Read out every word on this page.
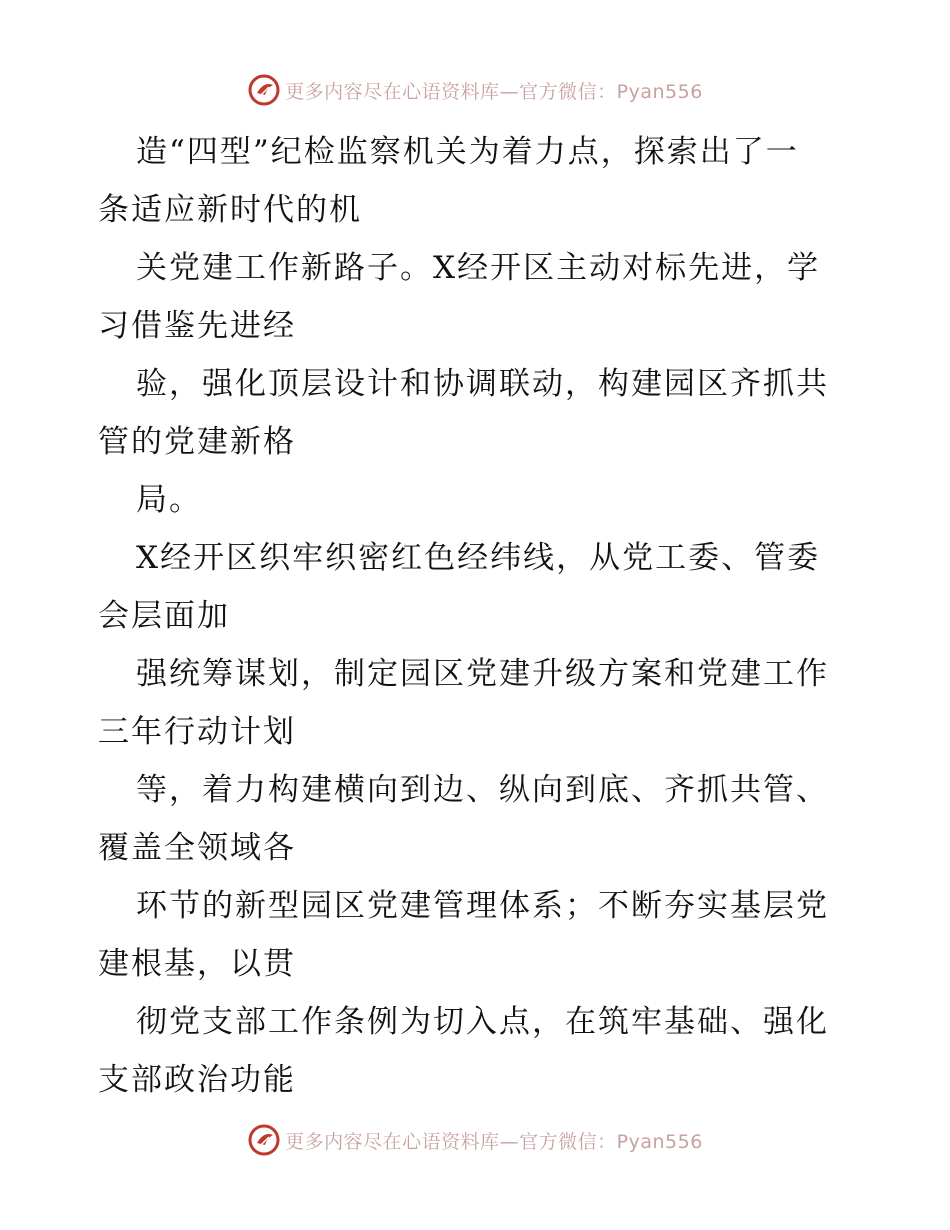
更多内容尽在心语资料库—官方微信：Pyan556
造“四型”纪检监察机关为着力点，探索出了一
条适应新时代的机
关党建工作新路子。X经开区主动对标先进，学
习借鉴先进经
验，强化顶层设计和协调联动，构建园区齐抓共
管的党建新格
局。
X经开区织牢织密红色经纬线，从党工委、管委
会层面加
强统筹谋划，制定园区党建升级方案和党建工作
三年行动计划
等，着力构建横向到边、纵向到底、齐抓共管、
覆盖全领域各
环节的新型园区党建管理体系；不断夯实基层党
建根基，以贯
彻党支部工作条例为切入点，在筑牢基础、强化
支部政治功能
更多内容尽在心语资料库—官方微信：Pyan556
